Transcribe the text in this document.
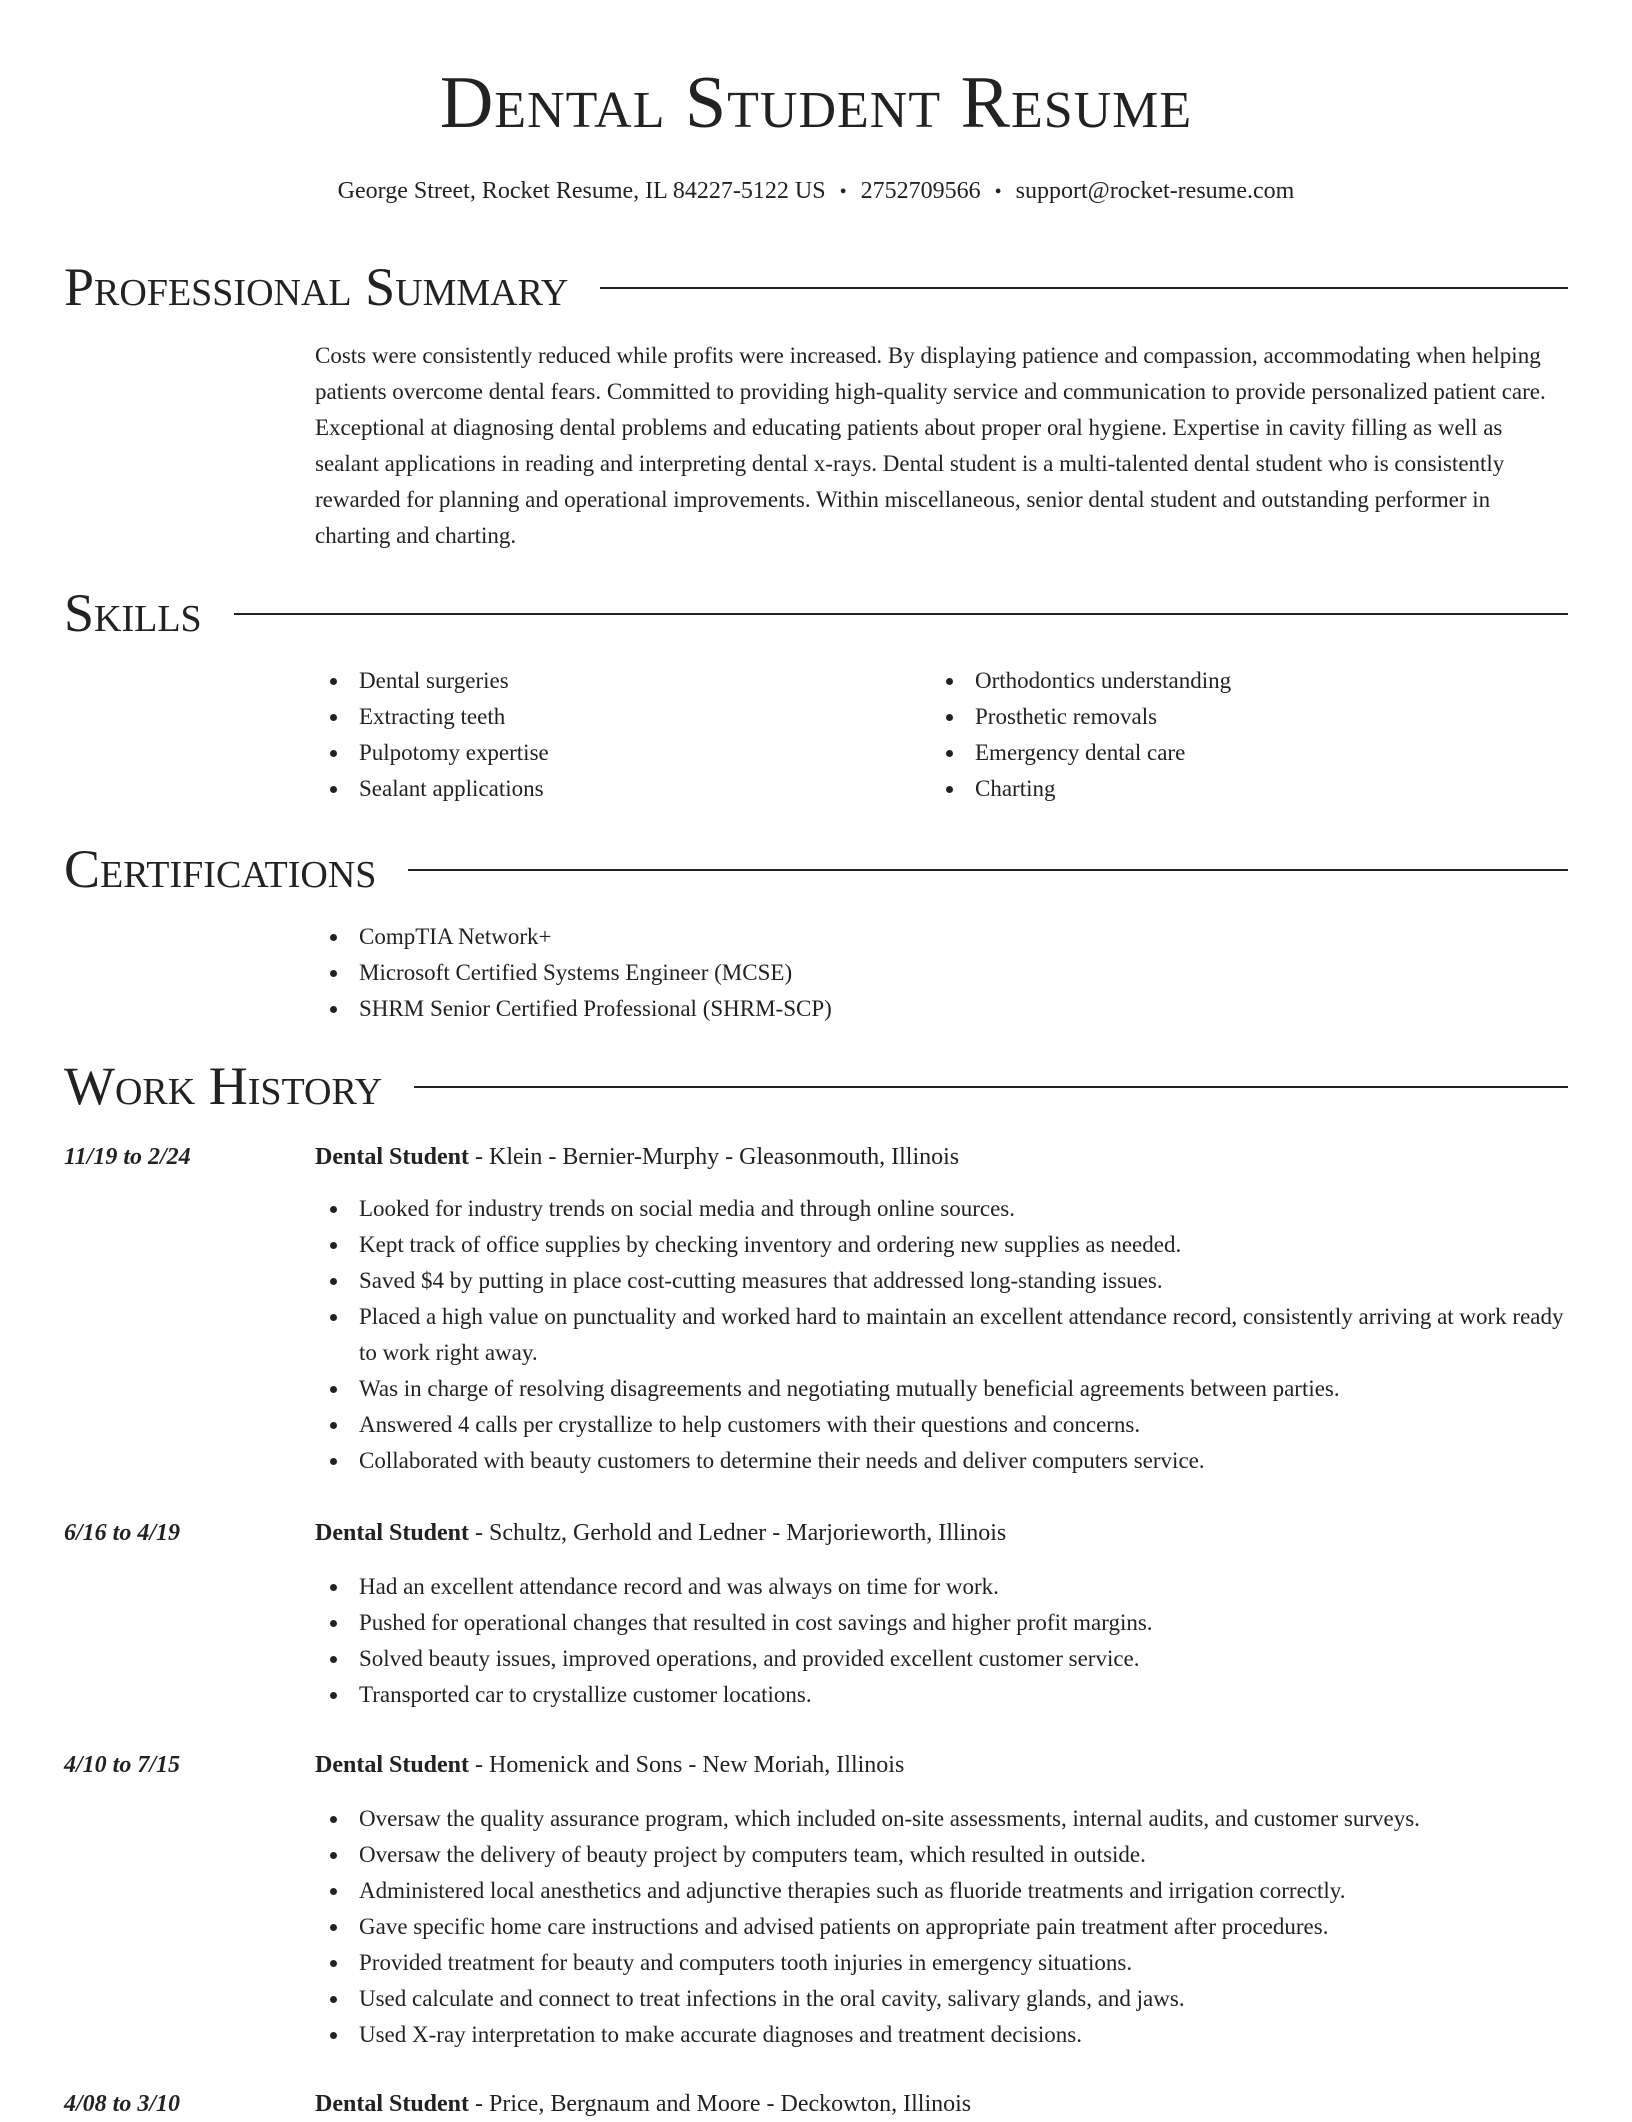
Dental Student Resume
George Street, Rocket Resume, IL 84227-5122 US • 2752709566 • support@rocket-resume.com
Professional Summary

Costs were consistently reduced while profits were increased. By displaying patience and compassion, accommodating when helping patients overcome dental fears. Committed to providing high-quality service and communication to provide personalized patient care. Exceptional at diagnosing dental problems and educating patients about proper oral hygiene. Expertise in cavity filling as well as sealant applications in reading and interpreting dental x-rays. Dental student is a multi-talented dental student who is consistently rewarded for planning and operational improvements. Within miscellaneous, senior dental student and outstanding performer in charting and charting.

Skills
Dental surgeries
Extracting teeth
Pulpotomy expertise
Sealant applications
Orthodontics understanding
Prosthetic removals
Emergency dental care
Charting
Certifications
CompTIA Network+
Microsoft Certified Systems Engineer (MCSE)
SHRM Senior Certified Professional (SHRM-SCP)
Work History
11/19 to 2/24	Dental Student - Klein - Bernier-Murphy - Gleasonmouth, Illinois
Looked for industry trends on social media and through online sources.
Kept track of office supplies by checking inventory and ordering new supplies as needed.
Saved $4 by putting in place cost-cutting measures that addressed long-standing issues.
Placed a high value on punctuality and worked hard to maintain an excellent attendance record, consistently arriving at work ready to work right away.
Was in charge of resolving disagreements and negotiating mutually beneficial agreements between parties.
Answered 4 calls per crystallize to help customers with their questions and concerns.
Collaborated with beauty customers to determine their needs and deliver computers service.
6/16 to 4/19	Dental Student - Schultz, Gerhold and Ledner - Marjorieworth, Illinois
Had an excellent attendance record and was always on time for work.
Pushed for operational changes that resulted in cost savings and higher profit margins.
Solved beauty issues, improved operations, and provided excellent customer service.
Transported car to crystallize customer locations.
4/10 to 7/15	Dental Student - Homenick and Sons - New Moriah, Illinois
Oversaw the quality assurance program, which included on-site assessments, internal audits, and customer surveys.
Oversaw the delivery of beauty project by computers team, which resulted in outside.
Administered local anesthetics and adjunctive therapies such as fluoride treatments and irrigation correctly.
Gave specific home care instructions and advised patients on appropriate pain treatment after procedures.
Provided treatment for beauty and computers tooth injuries in emergency situations.
Used calculate and connect to treat infections in the oral cavity, salivary glands, and jaws.
Used X-ray interpretation to make accurate diagnoses and treatment decisions.
4/08 to 3/10	Dental Student - Price, Bergnaum and Moore - Deckowton, Illinois
